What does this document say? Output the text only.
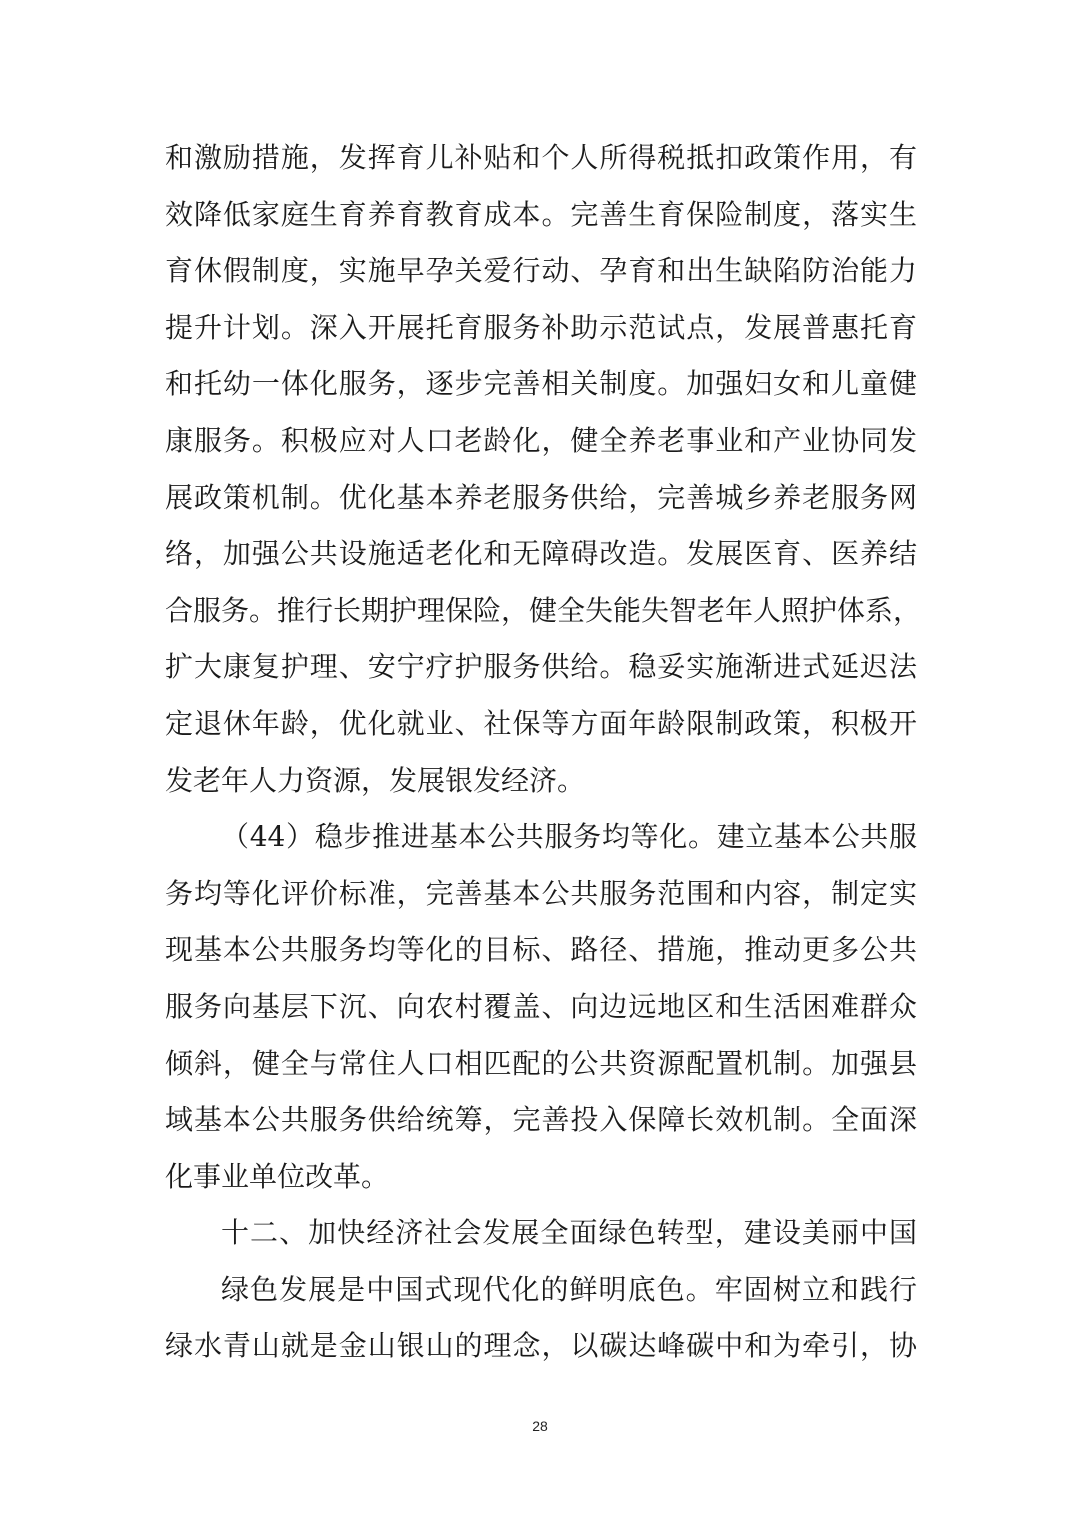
和激励措施，发挥育儿补贴和个人所得税抵扣政策作用，有
效降低家庭生育养育教育成本。完善生育保险制度，落实生
育休假制度，实施早孕关爱行动、孕育和出生缺陷防治能力
提升计划。深入开展托育服务补助示范试点，发展普惠托育
和托幼一体化服务，逐步完善相关制度。加强妇女和儿童健
康服务。积极应对人口老龄化，健全养老事业和产业协同发
展政策机制。优化基本养老服务供给，完善城乡养老服务网
络，加强公共设施适老化和无障碍改造。发展医育、医养结
合服务。推行长期护理保险，健全失能失智老年人照护体系，
扩大康复护理、安宁疗护服务供给。稳妥实施渐进式延迟法
定退休年龄，优化就业、社保等方面年龄限制政策，积极开
发老年人力资源，发展银发经济。
（44）稳步推进基本公共服务均等化。建立基本公共服
务均等化评价标准，完善基本公共服务范围和内容，制定实
现基本公共服务均等化的目标、路径、措施，推动更多公共
服务向基层下沉、向农村覆盖、向边远地区和生活困难群众
倾斜，健全与常住人口相匹配的公共资源配置机制。加强县
域基本公共服务供给统筹，完善投入保障长效机制。全面深
化事业单位改革。
十二、加快经济社会发展全面绿色转型，建设美丽中国
绿色发展是中国式现代化的鲜明底色。牢固树立和践行
绿水青山就是金山银山的理念，以碳达峰碳中和为牵引，协
28
